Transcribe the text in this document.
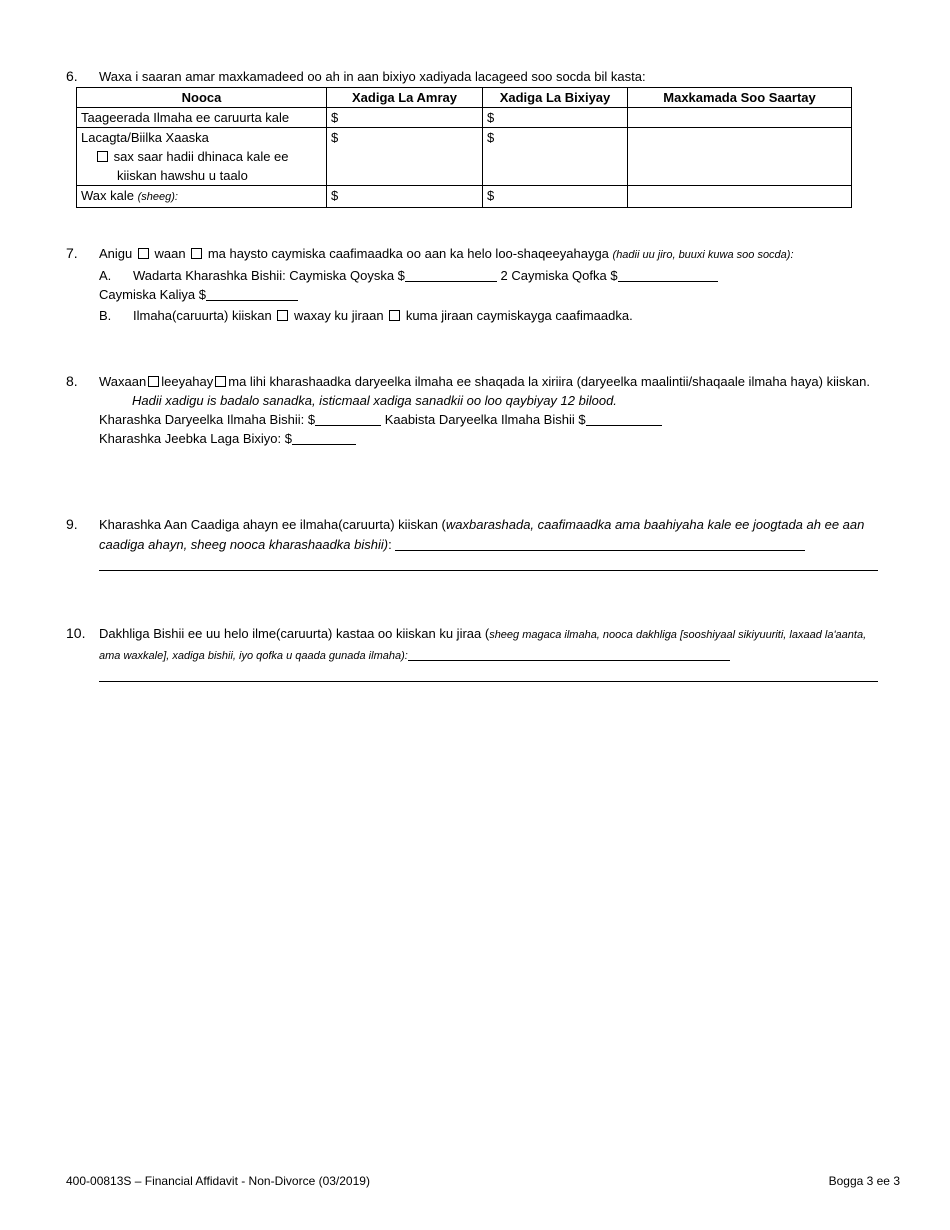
6. Waxa i saaran amar maxkamadeed oo ah in aan bixiyo xadiyada lacageed soo socda bil kasta:
Nooca	Xadiga La Amray	Xadiga La Bixiyay	Maxkamada Soo Saartay
Taageerada Ilmaha ee caruurta kale	$	$	

Lacagta/Biilka Xaaska
sax saar hadii dhinaca kale ee
kiiskan hawshu u taalo	$	$	
Wax kale (sheeg):	$	$	
7. Anigu waan ma haysto caymiska caafimaadka oo aan ka helo loo-shaqeeyahayga (hadii uu jiro, buuxi kuwa soo socda):
A. Wadarta Kharashka Bishii: Caymiska Qoyska $	2 Caymiska Qofka $
Caymiska Kaliya $
B. Ilmaha(caruurta) kiiskan waxay ku jiraan kuma jiraan caymiskayga caafimaadka.
8. Waxaan leeyahay ma lihi kharashaadka daryeelka ilmaha ee shaqada la xiriira (daryeelka maalintii/shaqaale ilmaha haya) kiiskan.
Hadii xadigu is badalo sanadka, isticmaal xadiga sanadkii oo loo qaybiyay 12 bilood.
Kharashka Daryeelka Ilmaha Bishii: $	Kaabista Daryeelka Ilmaha Bishii $
Kharashka Jeebka Laga Bixiyo: $
9. Kharashka Aan Caadiga ahayn ee ilmaha(caruurta) kiiskan (waxbarashada, caafimaadka ama baahiyaha kale ee joogtada ah ee aan caadiga ahayn, sheeg nooca kharashaadka bishii):
10. Dakhliga Bishii ee uu helo ilme(caruurta) kastaa oo kiiskan ku jiraa (sheeg magaca ilmaha, nooca dakhliga [sooshiyaal sikiyuuriti, laxaad la'aanta, ama waxkale], xadiga bishii, iyo qofka u qaada gunada ilmaha):
400-00813S – Financial Affidavit - Non-Divorce (03/2019)	Bogga 3 ee 3
